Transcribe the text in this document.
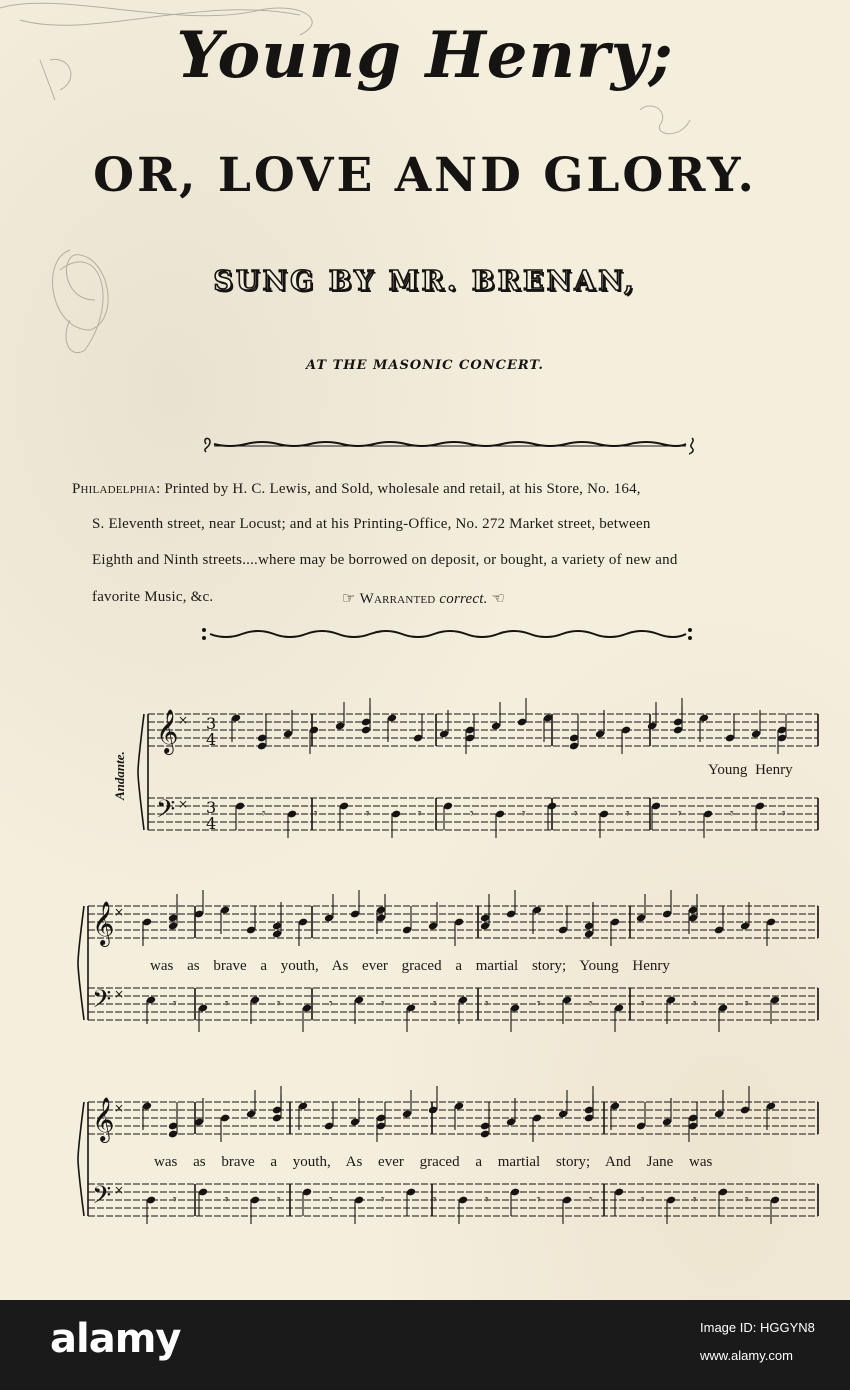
Young Henry;
OR, LOVE AND GLORY.
SUNG BY MR. BRENAN,
AT THE MASONIC CONCERT.
Philadelphia: Printed by H. C. Lewis, and Sold, wholesale and retail, at his Store, No. 164,
S. Eleventh street, near Locust; and at his Printing-Office, No. 272 Market street, between
Eighth and Ninth streets....where may be borrowed on deposit, or bought, a variety of new and
favorite Music, &c.	☞ Warranted correct. ☜
Andante.
𝄞
𝄢
×
×
3
4
3
4	𝄾	𝄾	𝄾	𝄾	𝄾	𝄾	𝄾	𝄾	𝄾	𝄾	𝄾
𝄞
𝄢
×
×
𝄾	𝄾	𝄾	𝄾	𝄾	𝄾	𝄾	𝄾	𝄾	𝄾	𝄾	𝄾
𝄞
𝄢
×
×
𝄾	𝄾	𝄾	𝄾	𝄾	𝄾	𝄾	𝄾	𝄾	𝄾	𝄾	𝄾
Young Henry
was as brave a youth, As ever graced a martial story; Young Henry
was as brave a youth, As ever graced a martial story; And Jane was
alamy	Image ID: HGGYN8
www.alamy.com
